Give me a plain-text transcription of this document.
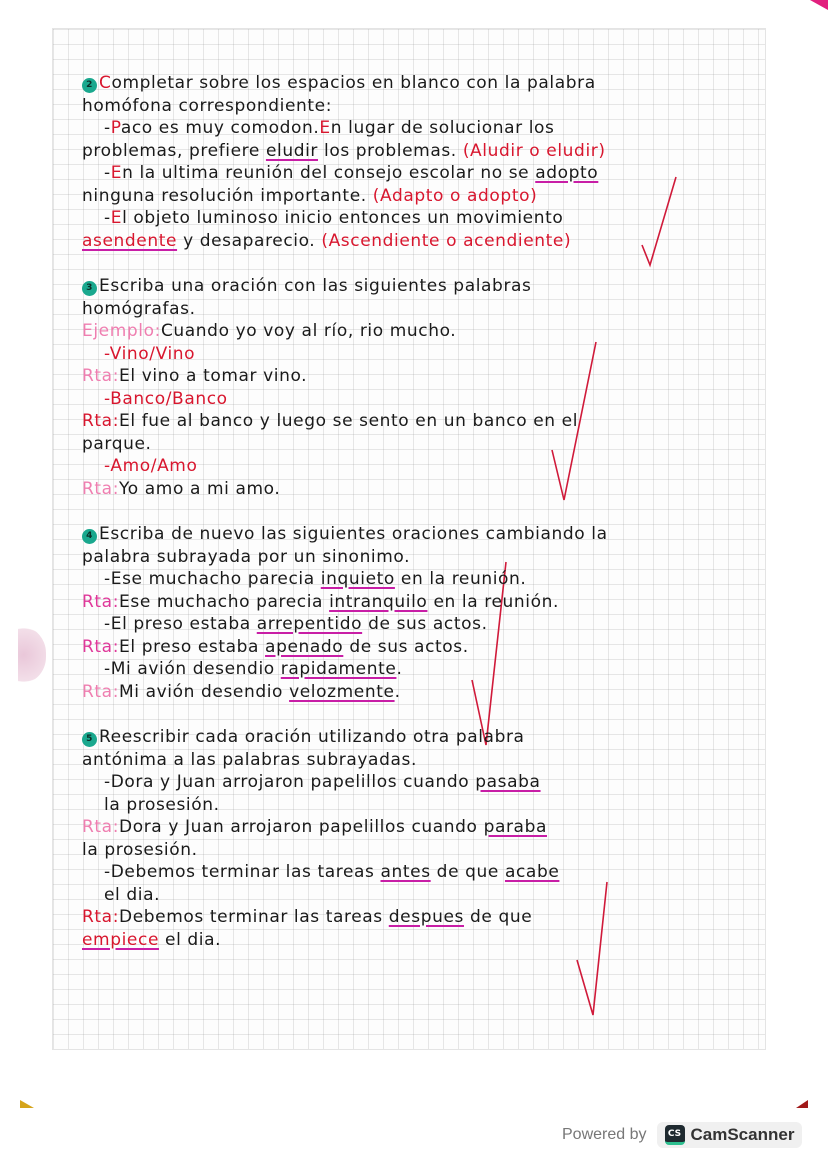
2 Completar sobre los espacios en blanco con la palabra
homófona correspondiente:
-Paco es muy comodon.En lugar de solucionar los
problemas, prefiere eludir los problemas. (Aludir o eludir)
-En la ultima reunión del consejo escolar no se adopto
ninguna resolución importante. (Adapto o adopto)
-El objeto luminoso inicio entonces un movimiento
asendente y desaparecio. (Ascendiente o acendiente)
3 Escriba una oración con las siguientes palabras
homógrafas.
Ejemplo:Cuando yo voy al río, rio mucho.
-Vino/Vino
Rta:El vino a tomar vino.
-Banco/Banco
Rta:El fue al banco y luego se sento en un banco en el
parque.
-Amo/Amo
Rta:Yo amo a mi amo.
4 Escriba de nuevo las siguientes oraciones cambiando la
palabra subrayada por un sinonimo.
-Ese muchacho parecia inquieto en la reunión.
Rta:Ese muchacho parecia intranquilo en la reunión.
-El preso estaba arrepentido de sus actos.
Rta:El preso estaba apenado de sus actos.
-Mi avión desendio rapidamente.
Rta:Mi avión desendio velozmente.
5 Reescribir cada oración utilizando otra palabra
antónima a las palabras subrayadas.
-Dora y Juan arrojaron papelillos cuando pasaba
la prosesión.
Rta:Dora y Juan arrojaron papelillos cuando paraba
la prosesión.
-Debemos terminar las tareas antes de que acabe
el dia.
Rta:Debemos terminar las tareas despues de que
empiece el dia.
Powered by	CS CamScanner
